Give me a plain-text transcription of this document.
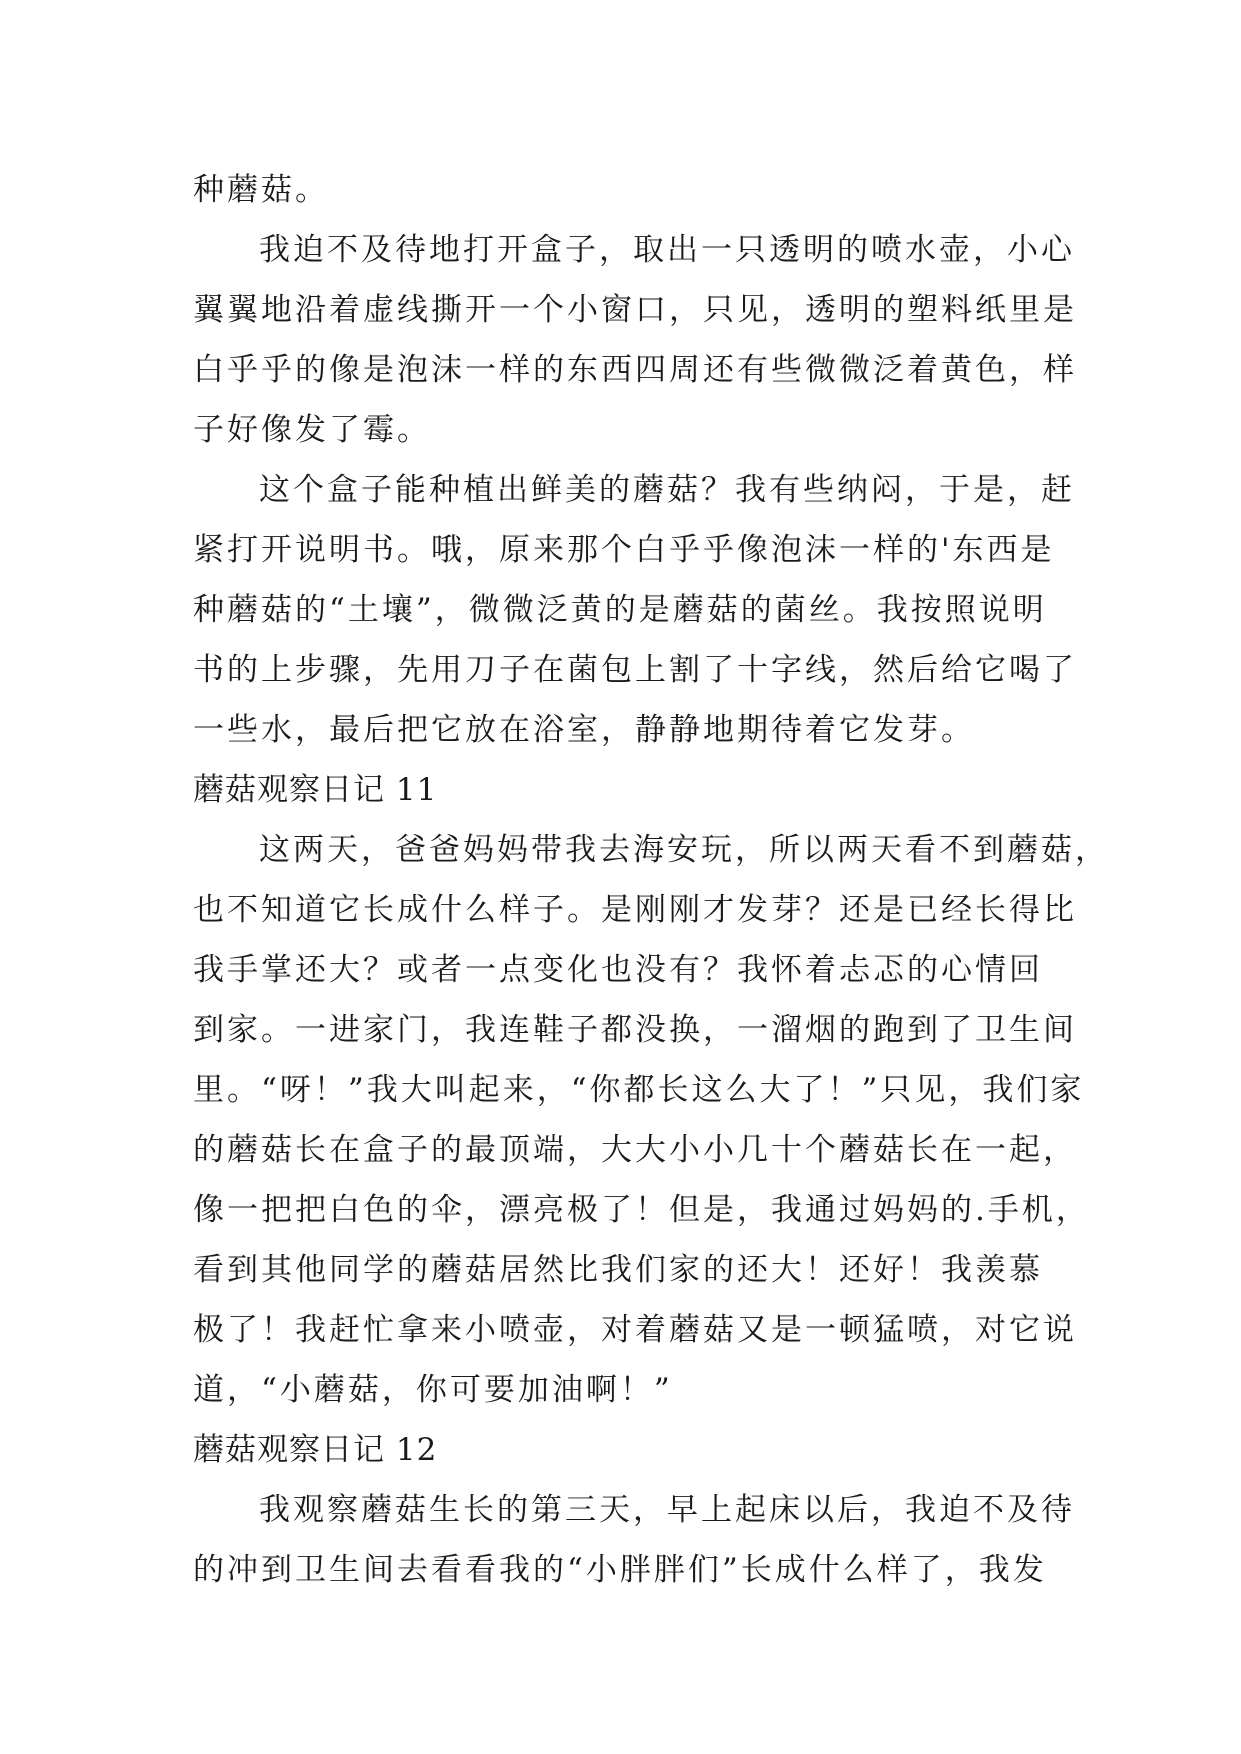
种蘑菇。
我迫不及待地打开盒子，取出一只透明的喷水壶，小心
翼翼地沿着虚线撕开一个小窗口，只见，透明的塑料纸里是
白乎乎的像是泡沫一样的东西四周还有些微微泛着黄色，样
子好像发了霉。
这个盒子能种植出鲜美的蘑菇？我有些纳闷，于是，赶
紧打开说明书。哦，原来那个白乎乎像泡沫一样的'东西是
种蘑菇的“土壤”，微微泛黄的是蘑菇的菌丝。我按照说明
书的上步骤，先用刀子在菌包上割了十字线，然后给它喝了
一些水，最后把它放在浴室，静静地期待着它发芽。
蘑菇观察日记 11
这两天，爸爸妈妈带我去海安玩，所以两天看不到蘑菇，
也不知道它长成什么样子。是刚刚才发芽？还是已经长得比
我手掌还大？或者一点变化也没有？我怀着忐忑的心情回
到家。一进家门，我连鞋子都没换，一溜烟的跑到了卫生间
里。“呀！”我大叫起来，“你都长这么大了！”只见，我们家
的蘑菇长在盒子的最顶端，大大小小几十个蘑菇长在一起，
像一把把白色的伞，漂亮极了！但是，我通过妈妈的.手机，
看到其他同学的蘑菇居然比我们家的还大！还好！我羡慕
极了！我赶忙拿来小喷壶，对着蘑菇又是一顿猛喷，对它说
道，“小蘑菇，你可要加油啊！”
蘑菇观察日记 12
我观察蘑菇生长的第三天，早上起床以后，我迫不及待
的冲到卫生间去看看我的“小胖胖们”长成什么样了，我发
